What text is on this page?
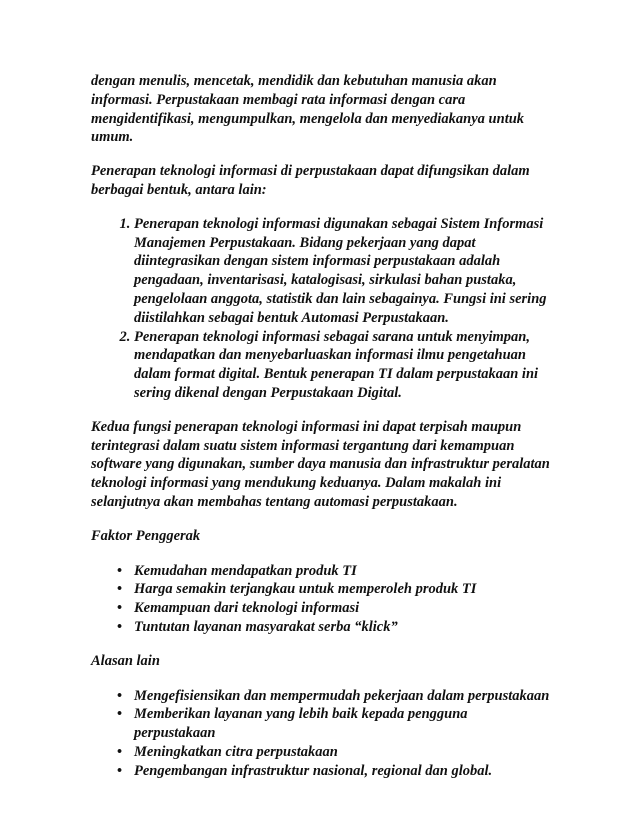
dengan menulis, mencetak, mendidik dan kebutuhan manusia akan informasi. Perpustakaan membagi rata informasi dengan cara mengidentifikasi, mengumpulkan, mengelola dan menyediakanya untuk umum.

Penerapan teknologi informasi di perpustakaan dapat difungsikan dalam berbagai bentuk, antara lain:

1. Penerapan teknologi informasi digunakan sebagai Sistem Informasi Manajemen Perpustakaan. Bidang pekerjaan yang dapat diintegrasikan dengan sistem informasi perpustakaan adalah pengadaan, inventarisasi, katalogisasi, sirkulasi bahan pustaka, pengelolaan anggota, statistik dan lain sebagainya. Fungsi ini sering diistilahkan sebagai bentuk Automasi Perpustakaan.
2. Penerapan teknologi informasi sebagai sarana untuk menyimpan, mendapatkan dan menyebarluaskan informasi ilmu pengetahuan dalam format digital. Bentuk penerapan TI dalam perpustakaan ini sering dikenal dengan Perpustakaan Digital.

Kedua fungsi penerapan teknologi informasi ini dapat terpisah maupun terintegrasi dalam suatu sistem informasi tergantung dari kemampuan software yang digunakan, sumber daya manusia dan infrastruktur peralatan teknologi informasi yang mendukung keduanya. Dalam makalah ini selanjutnya akan membahas tentang automasi perpustakaan.

Faktor Penggerak

• Kemudahan mendapatkan produk TI
• Harga semakin terjangkau untuk memperoleh produk TI
• Kemampuan dari teknologi informasi
• Tuntutan layanan masyarakat serba “klick”

Alasan lain

• Mengefisiensikan dan mempermudah pekerjaan dalam perpustakaan
• Memberikan layanan yang lebih baik kepada pengguna perpustakaan
• Meningkatkan citra perpustakaan
• Pengembangan infrastruktur nasional, regional dan global.
